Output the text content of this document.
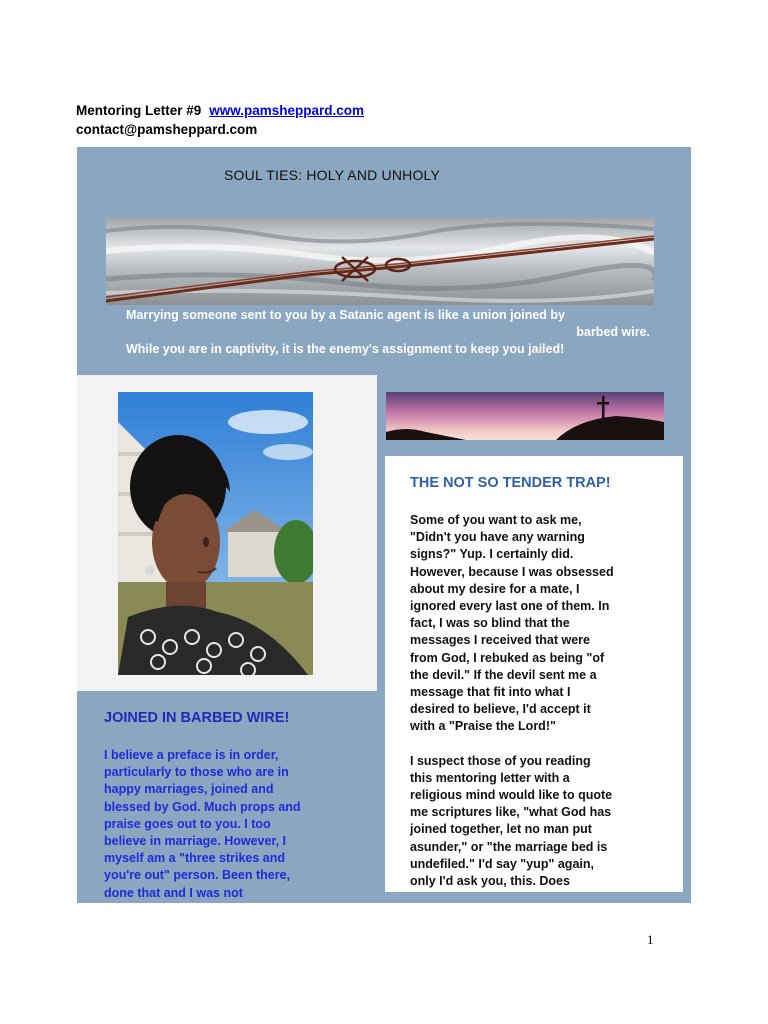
Mentoring Letter #9 www.pamsheppard.com
contact@pamsheppard.com
SOUL TIES: HOLY AND UNHOLY
Marrying someone sent to you by a Satanic agent is like a union joined by
barbed wire.
While you are in captivity, it is the enemy's assignment to keep you jailed!
JOINED IN BARBED WIRE!
I believe a preface is in order,
particularly to those who are in
happy marriages, joined and
blessed by God. Much props and
praise goes out to you. I too
believe in marriage. However, I
myself am a "three strikes and
you're out" person. Been there,
done that and I was not
THE NOT SO TENDER TRAP!
Some of you want to ask me,
"Didn't you have any warning
signs?" Yup. I certainly did.
However, because I was obsessed
about my desire for a mate, I
ignored every last one of them. In
fact, I was so blind that the
messages I received that were
from God, I rebuked as being "of
the devil." If the devil sent me a
message that fit into what I
desired to believe, I'd accept it
with a "Praise the Lord!"
I suspect those of you reading
this mentoring letter with a
religious mind would like to quote
me scriptures like, "what God has
joined together, let no man put
asunder," or "the marriage bed is
undefiled." I'd say "yup" again,
only I'd ask you, this. Does
1
